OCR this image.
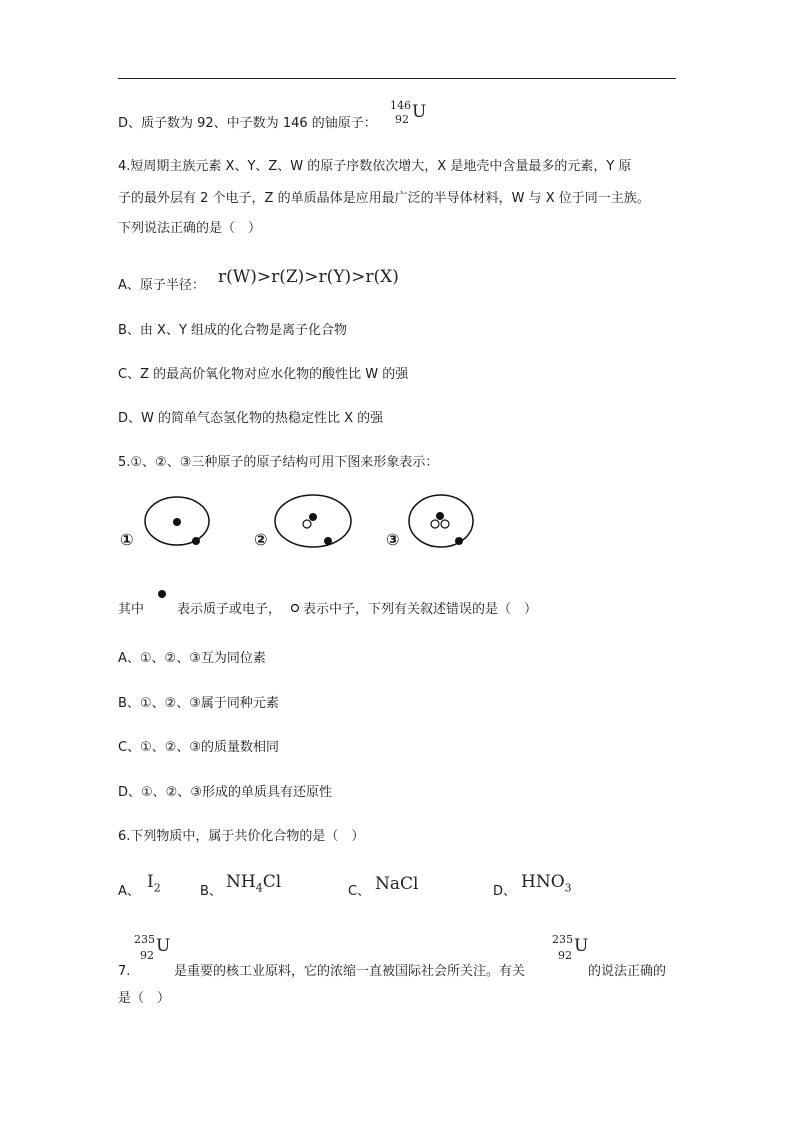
D、质子数为 92、中子数为 146 的铀原子：
146
92 U
4.短周期主族元素 X、Y、Z、W 的原子序数依次增大，X 是地壳中含量最多的元素，Y 原
子的最外层有 2 个电子，Z 的单质晶体是应用最广泛的半导体材料，W 与 X 位于同一主族。
下列说法正确的是（　）
A、原子半径： r(W)>r(Z)>r(Y)>r(X)
B、由 X、Y 组成的化合物是离子化合物
C、Z 的最高价氧化物对应水化物的酸性比 W 的强
D、W 的简单气态氢化物的热稳定性比 X 的强
5.①、②、③三种原子的原子结构可用下图来形象表示：
①	②	③
其中	表示质子或电子， 表示中子，下列有关叙述错误的是（　）
A、①、②、③互为同位素
B、①、②、③属于同种元素
C、①、②、③的质量数相同
D、①、②、③形成的单质具有还原性
6.下列物质中，属于共价化合物的是（　）
A、 $I_2$	B、 $NH_4Cl$	C、 NaCl	D、 $HNO_3$
235
92 U	235
92 U
7.	是重要的核工业原料，它的浓缩一直被国际社会所关注。有关	的说法正确的
是（　）
